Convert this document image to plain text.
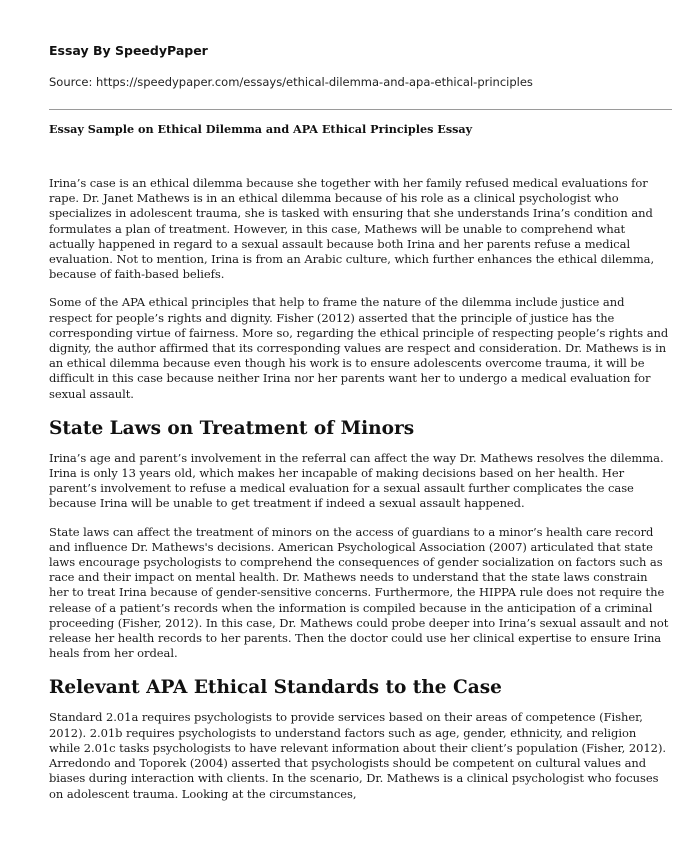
Essay By SpeedyPaper
Source: https://speedypaper.com/essays/ethical-dilemma-and-apa-ethical-principles
Essay Sample on Ethical Dilemma and APA Ethical Principles Essay

Irina’s case is an ethical dilemma because she together with her family refused medical evaluations for rape. Dr. Janet Mathews is in an ethical dilemma because of his role as a clinical psychologist who specializes in adolescent trauma, she is tasked with ensuring that she understands Irina’s condition and formulates a plan of treatment. However, in this case, Mathews will be unable to comprehend what actually happened in regard to a sexual assault because both Irina and her parents refuse a medical evaluation. Not to mention, Irina is from an Arabic culture, which further enhances the ethical dilemma, because of faith-based beliefs.

Some of the APA ethical principles that help to frame the nature of the dilemma include justice and respect for people’s rights and dignity. Fisher (2012) asserted that the principle of justice has the corresponding virtue of fairness. More so, regarding the ethical principle of respecting people’s rights and dignity, the author affirmed that its corresponding values are respect and consideration. Dr. Mathews is in an ethical dilemma because even though his work is to ensure adolescents overcome trauma, it will be difficult in this case because neither Irina nor her parents want her to undergo a medical evaluation for sexual assault.

State Laws on Treatment of Minors

Irina’s age and parent’s involvement in the referral can affect the way Dr. Mathews resolves the dilemma. Irina is only 13 years old, which makes her incapable of making decisions based on her health. Her parent’s involvement to refuse a medical evaluation for a sexual assault further complicates the case because Irina will be unable to get treatment if indeed a sexual assault happened.

State laws can affect the treatment of minors on the access of guardians to a minor’s health care record and influence Dr. Mathews's decisions. American Psychological Association (2007) articulated that state laws encourage psychologists to comprehend the consequences of gender socialization on factors such as race and their impact on mental health. Dr. Mathews needs to understand that the state laws constrain her to treat Irina because of gender-sensitive concerns. Furthermore, the HIPPA rule does not require the release of a patient’s records when the information is compiled because in the anticipation of a criminal proceeding (Fisher, 2012). In this case, Dr. Mathews could probe deeper into Irina’s sexual assault and not release her health records to her parents. Then the doctor could use her clinical expertise to ensure Irina heals from her ordeal.

Relevant APA Ethical Standards to the Case

Standard 2.01a requires psychologists to provide services based on their areas of competence (Fisher, 2012). 2.01b requires psychologists to understand factors such as age, gender, ethnicity, and religion while 2.01c tasks psychologists to have relevant information about their client’s population (Fisher, 2012). Arredondo and Toporek (2004) asserted that psychologists should be competent on cultural values and biases during interaction with clients. In the scenario, Dr. Mathews is a clinical psychologist who focuses on adolescent trauma. Looking at the circumstances,
